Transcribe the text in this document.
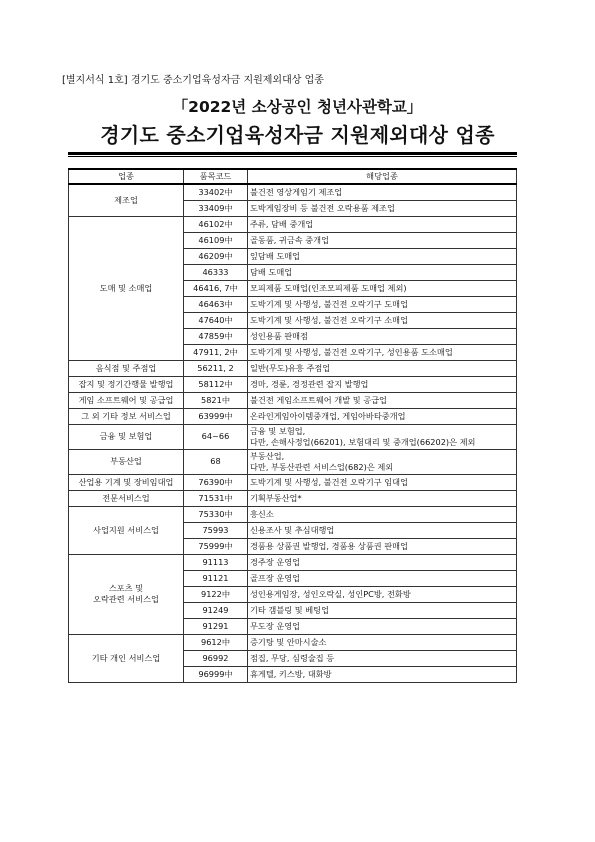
[별지서식 1호] 경기도 중소기업육성자금 지원제외대상 업종
「2022년 소상공인 청년사관학교」
경기도 중소기업육성자금 지원제외대상 업종
업종	품목코드	해당업종
제조업	33402中	불건전 영상게임기 제조업
	33409中	도박게임장비 등 불건전 오락용품 제조업
도매 및 소매업	46102中	주류, 담배 중개업
	46109中	골동품, 귀금속 중개업
	46209中	잎담배 도매업
	46333	담배 도매업
	46416, 7中	모피제품 도매업(인조모피제품 도매업 제외)
	46463中	도박기계 및 사행성, 불건전 오락기구 도매업
	47640中	도박기계 및 사행성, 불건전 오락기구 소매업
	47859中	성인용품 판매점
	47911, 2中	도박기계 및 사행성, 불건전 오락기구, 성인용품 도소매업
음식점 및 주점업	56211, 2	일반(무도)유흥 주점업
잡지 및 정기간행물 발행업	58112中	경마, 경륜, 경정관련 잡지 발행업
게임 소프트웨어 및 공급업	5821中	불건전 게임소프트웨어 개발 및 공급업
그 외 기타 정보 서비스업	63999中	온라인게임아이템중개업, 게임아바타중개업
금융 및 보험업	64~66	금융 및 보험업,
다만, 손해사정업(66201), 보험대리 및 중개업(66202)은 제외
부동산업	68	부동산업,
다만, 부동산관련 서비스업(682)은 제외
산업용 기계 및 장비임대업	76390中	도박기계 및 사행성, 불건전 오락기구 임대업
전문서비스업	71531中	기획부동산업*
사업지원 서비스업	75330中	흥신소
	75993	신용조사 및 추심대행업
	75999中	경품용 상품권 발행업, 경품용 상품권 판매업
스포츠 및
오락관련 서비스업	91113	경주장 운영업
	91121	골프장 운영업
	9122中	성인용게임장, 성인오락실, 성인PC방, 전화방
	91249	기타 갬블링 및 베팅업
	91291	무도장 운영업
기타 개인 서비스업	9612中	증기탕 및 안마시술소
	96992	점집, 무당, 심령술집 등
	96999中	휴게텔, 키스방, 대화방
